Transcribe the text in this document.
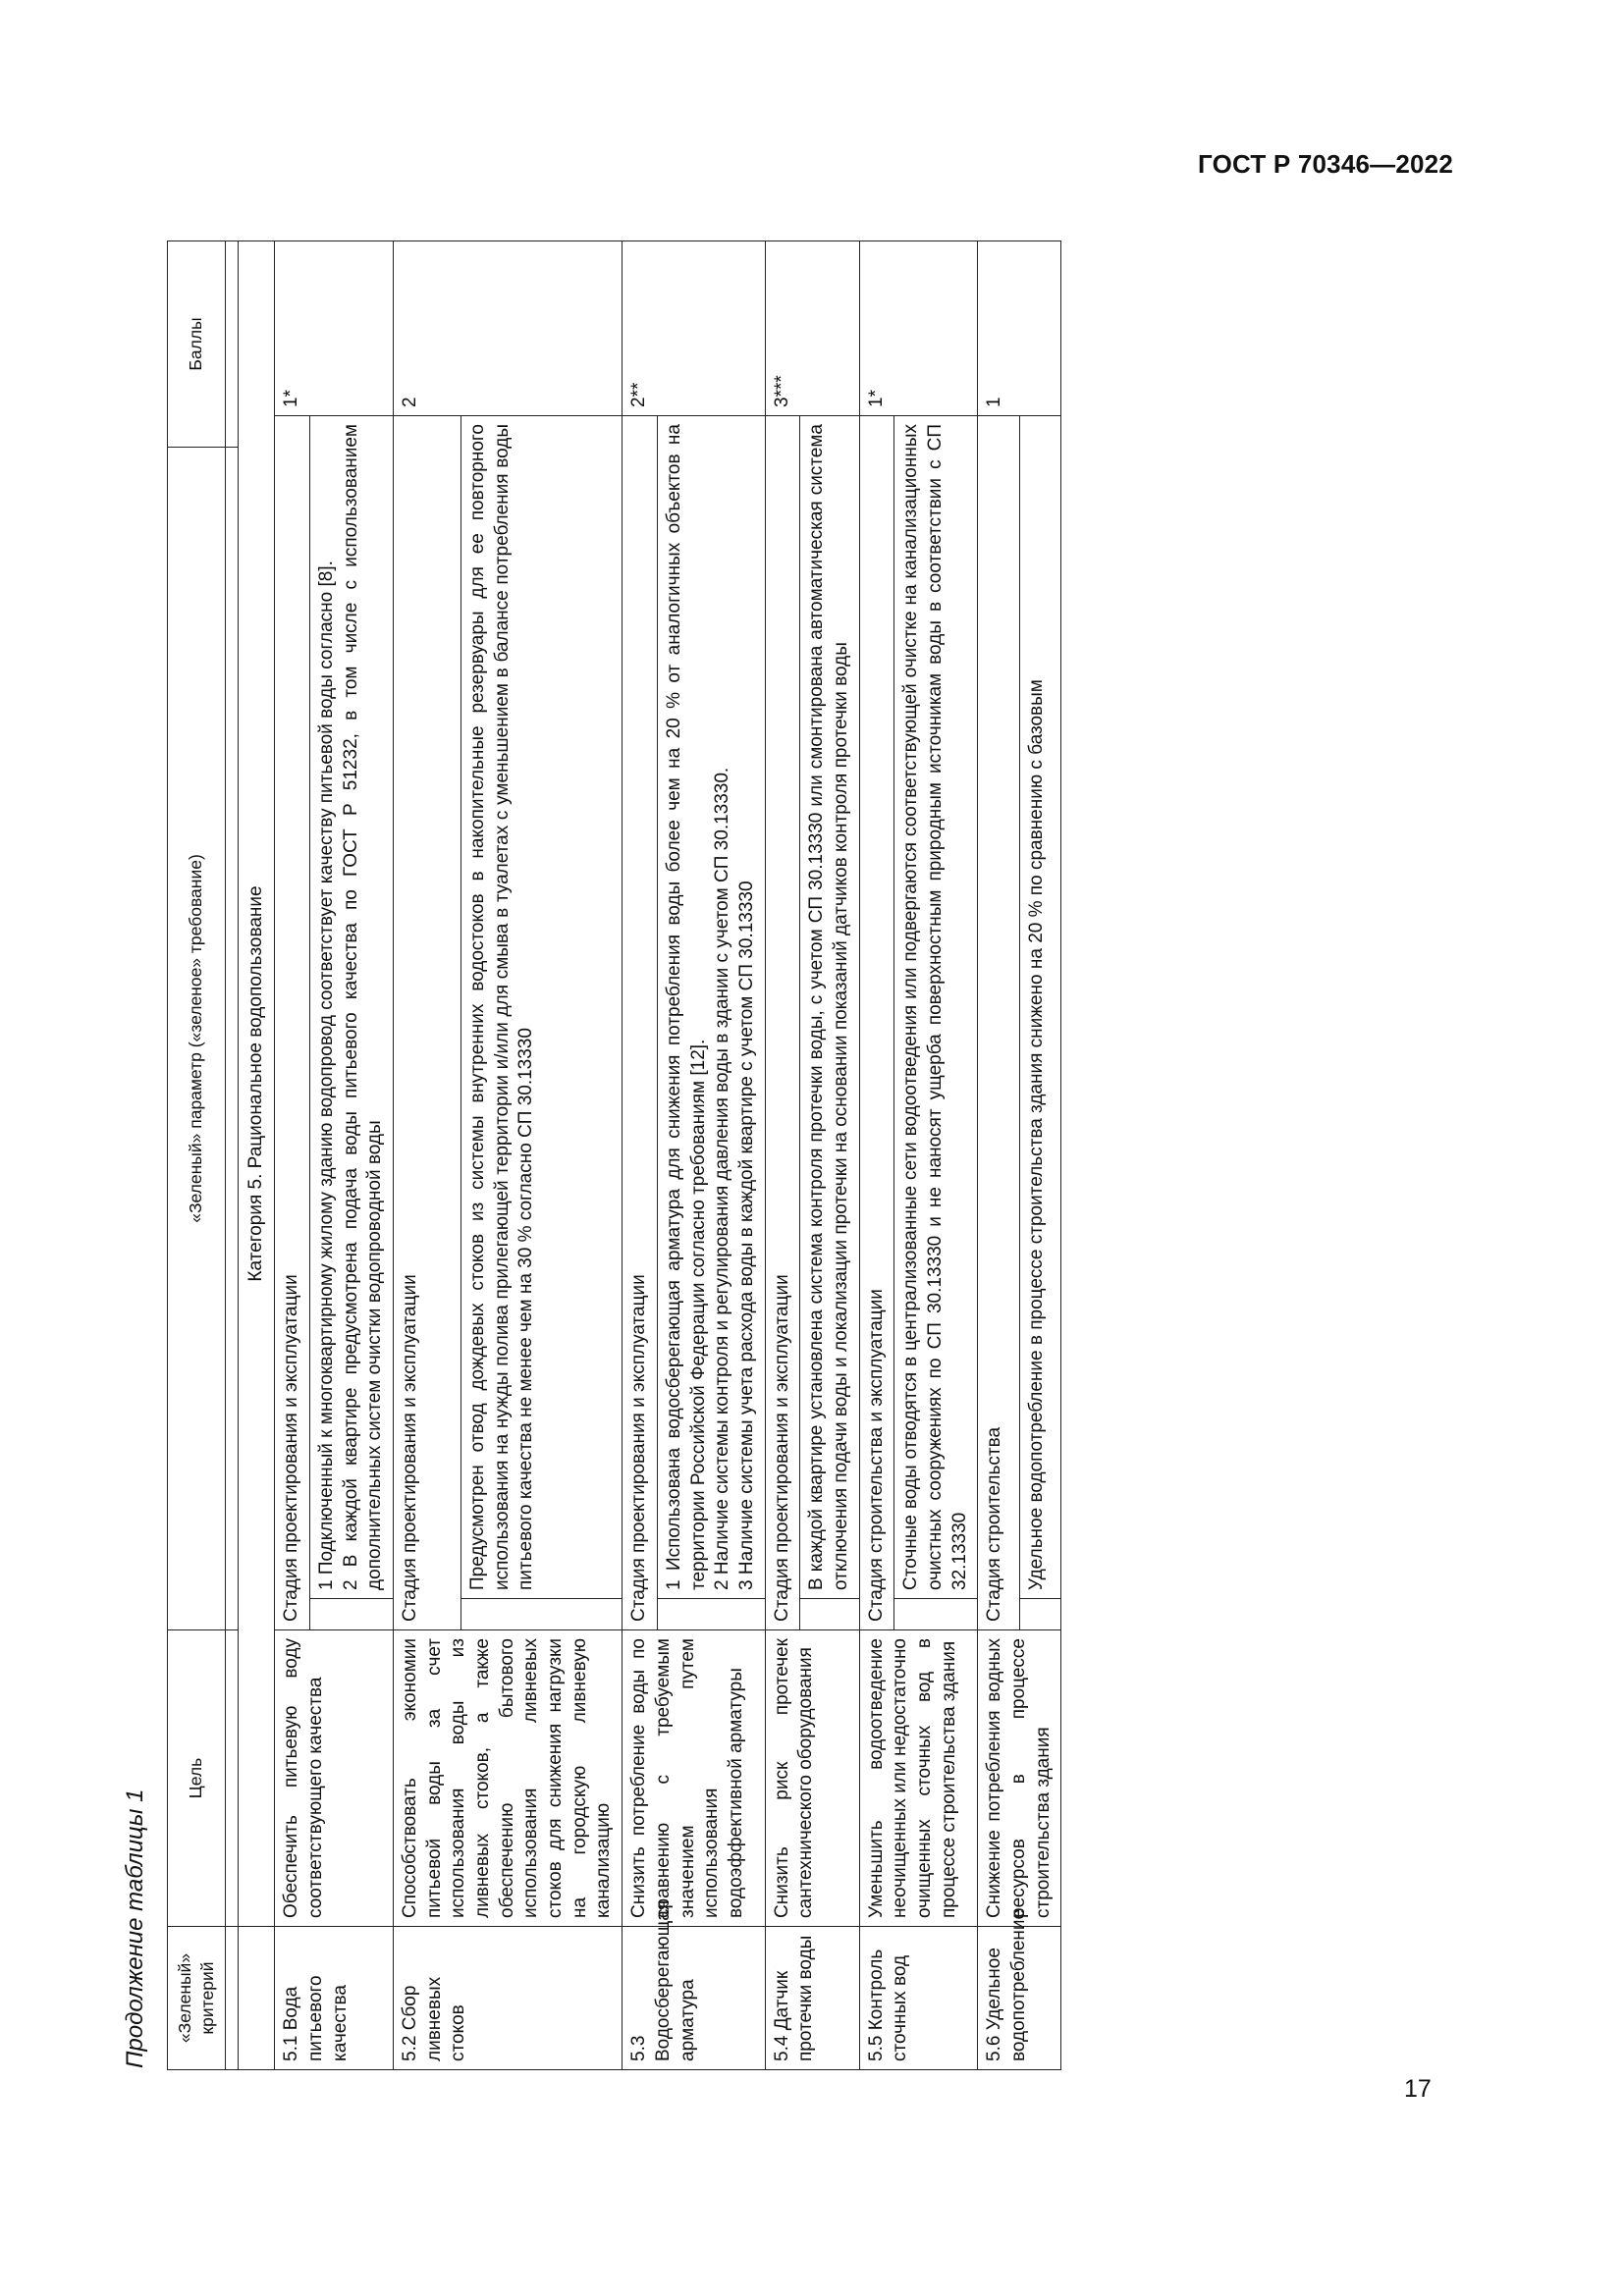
ГОСТ Р 70346—2022
Продолжение таблицы 1 «Зеленый» критерий	Цель	«Зеленый» параметр («зеленое» требование)		Баллы	

	Категория 5. Рациональное водопользование				
5.1 Вода питьевого качества	Обеспечить питьевую воду соответствующего качества	Стадия проектирования и эксплуатации			1*

			1 Подключенный к многоквартирному жилому зданию водопровод соответствует качеству питьевой воды согласно [8]. 2 В каждой квартире предусмотрена подача воды питьевого качества по ГОСТ Р 51232, в том числе с использованием дополнительных систем очистки водопроводной воды		

5.2 Сбор ливневых стоков	Способствовать экономии питьевой воды за счет использования воды из ливневых стоков, а также обеспечению бытового использования ливневых стоков для снижения нагрузки на городскую ливневую канализацию	Стадия проектирования и эксплуатации			2

			Предусмотрен отвод дождевых стоков из системы внутренних водостоков в накопительные резервуары для ее повторного использования на нужды полива прилегающей территории и/или для смыва в туалетах с уменьшением в балансе потребления воды питьевого качества не менее чем на 30 % согласно СП 30.13330		

5.3 Водосберегающая арматура	Снизить потребление воды по сравнению с требуемым значением путем использования водоэффективной арматуры	Стадия проектирования и эксплуатации			2**

			1 Использована водосберегающая арматура для снижения потребления воды более чем на 20 % от аналогичных объектов на территории Российской Федерации согласно требованиям [12]. 2 Наличие системы контроля и регулирования давления воды в здании с учетом СП 30.13330. 3 Наличие системы учета расхода воды в каждой квартире с учетом СП 30.13330		

5.4 Датчик протечки воды	Снизить риск протечек сантехнического оборудования	Стадия проектирования и эксплуатации			3***

			В каждой квартире установлена система контроля протечки воды, с учетом СП 30.13330 или смонтирована автоматическая система отключения подачи воды и локализации протечки на основании показаний датчиков контроля протечки воды		

5.5 Контроль сточных вод	Уменьшить водоотведение неочищенных или недостаточно очищенных сточных вод в процессе строительства здания	Стадия строительства и эксплуатации			1*

			Сточные воды отводятся в централизованные сети водоотведения или подвергаются соответствующей очистке на канализационных очистных сооружениях по СП 30.13330 и не наносят ущерба поверхностным природным источникам воды в соответствии с СП 32.13330		

5.6 Удельное водопотребление	Снижение потребления водных ресурсов в процессе строительства здания	Стадия строительства			1

			Удельное водопотребление в процессе строительства здания снижено на 20 % по сравнению с базовым		
17
